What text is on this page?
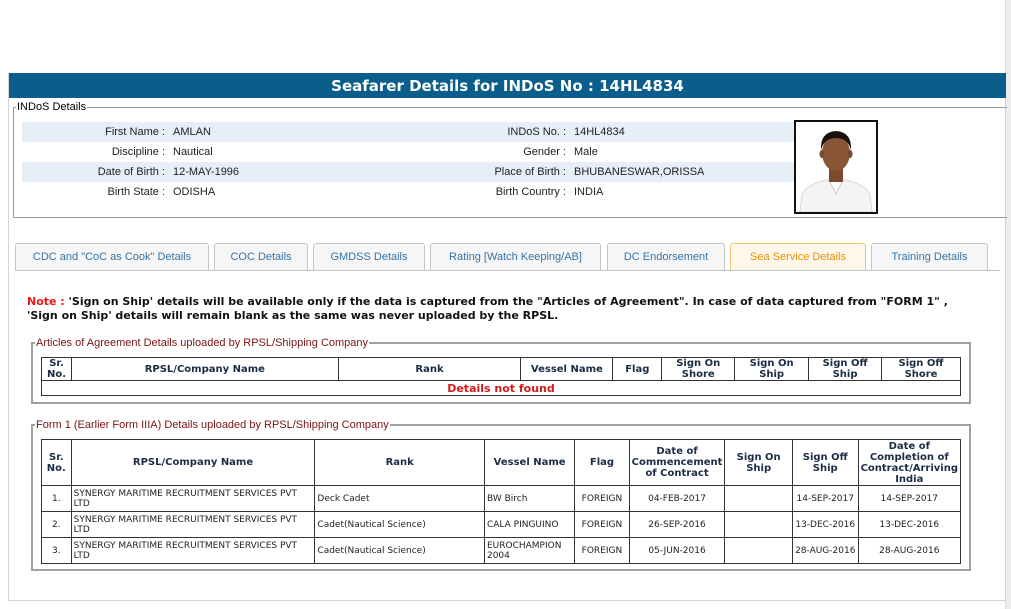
Seafarer Details for INDoS No : 14HL4834
INDoS Details
First Name :	AMLAN	INDoS No. :	14HL4834
Discipline :	Nautical	Gender :	Male
Date of Birth :	12-MAY-1996	Place of Birth :	BHUBANESWAR,ORISSA
Birth State :	ODISHA	Birth Country :	INDIA
CDC and "CoC as Cook" Details	COC Details	GMDSS Details	Rating [Watch Keeping/AB]	DC Endorsement	Sea Service Details	Training Details
Note : 'Sign on Ship' details will be available only if the data is captured from the "Articles of Agreement". In case of data captured from "FORM 1" , 'Sign on Ship' details will remain blank as the same was never uploaded by the RPSL.
Articles of Agreement Details uploaded by RPSL/Shipping Company
Sr. No.	RPSL/Company Name	Rank	Vessel Name	Flag	Sign On Shore	Sign On Ship	Sign Off Ship	Sign Off Shore
Details not found
Form 1 (Earlier Form IIIA) Details uploaded by RPSL/Shipping Company
Sr. No.	RPSL/Company Name	Rank	Vessel Name	Flag	Date of Commencement of Contract	Sign On Ship	Sign Off Ship	Date of Completion of Contract/Arriving India
1.	SYNERGY MARITIME RECRUITMENT SERVICES PVT LTD	Deck Cadet	BW Birch	FOREIGN	04-FEB-2017		14-SEP-2017	14-SEP-2017
2.	SYNERGY MARITIME RECRUITMENT SERVICES PVT LTD	Cadet(Nautical Science)	CALA PINGUINO	FOREIGN	26-SEP-2016		13-DEC-2016	13-DEC-2016
3.	SYNERGY MARITIME RECRUITMENT SERVICES PVT LTD	Cadet(Nautical Science)	EUROCHAMPION 2004	FOREIGN	05-JUN-2016		28-AUG-2016	28-AUG-2016
